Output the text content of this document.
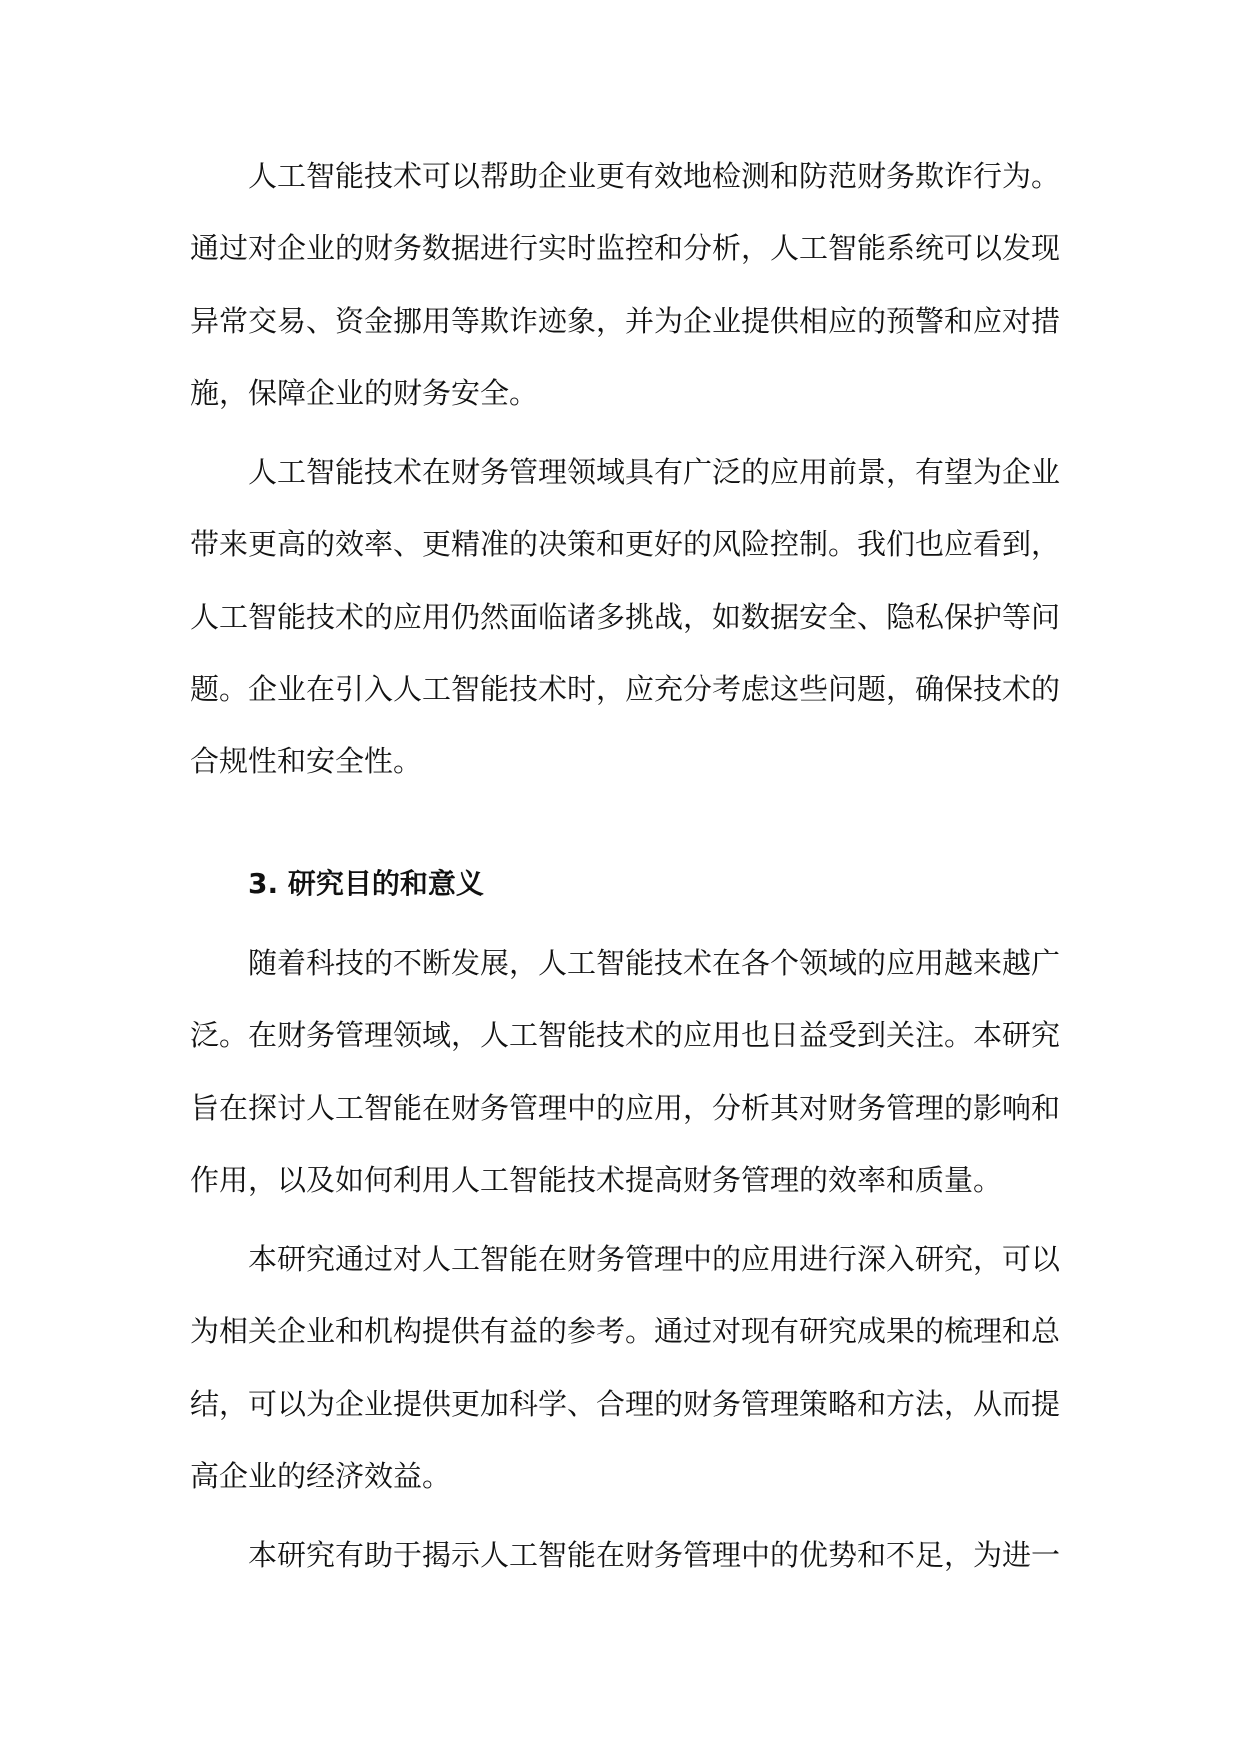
人工智能技术可以帮助企业更有效地检测和防范财务欺诈行为。
通过对企业的财务数据进行实时监控和分析，人工智能系统可以发现
异常交易、资金挪用等欺诈迹象，并为企业提供相应的预警和应对措
施，保障企业的财务安全。
人工智能技术在财务管理领域具有广泛的应用前景，有望为企业
带来更高的效率、更精准的决策和更好的风险控制。我们也应看到，
人工智能技术的应用仍然面临诸多挑战，如数据安全、隐私保护等问
题。企业在引入人工智能技术时，应充分考虑这些问题，确保技术的
合规性和安全性。
3. 研究目的和意义
随着科技的不断发展，人工智能技术在各个领域的应用越来越广
泛。在财务管理领域，人工智能技术的应用也日益受到关注。本研究
旨在探讨人工智能在财务管理中的应用，分析其对财务管理的影响和
作用，以及如何利用人工智能技术提高财务管理的效率和质量。
本研究通过对人工智能在财务管理中的应用进行深入研究，可以
为相关企业和机构提供有益的参考。通过对现有研究成果的梳理和总
结，可以为企业提供更加科学、合理的财务管理策略和方法，从而提
高企业的经济效益。
本研究有助于揭示人工智能在财务管理中的优势和不足，为进一
